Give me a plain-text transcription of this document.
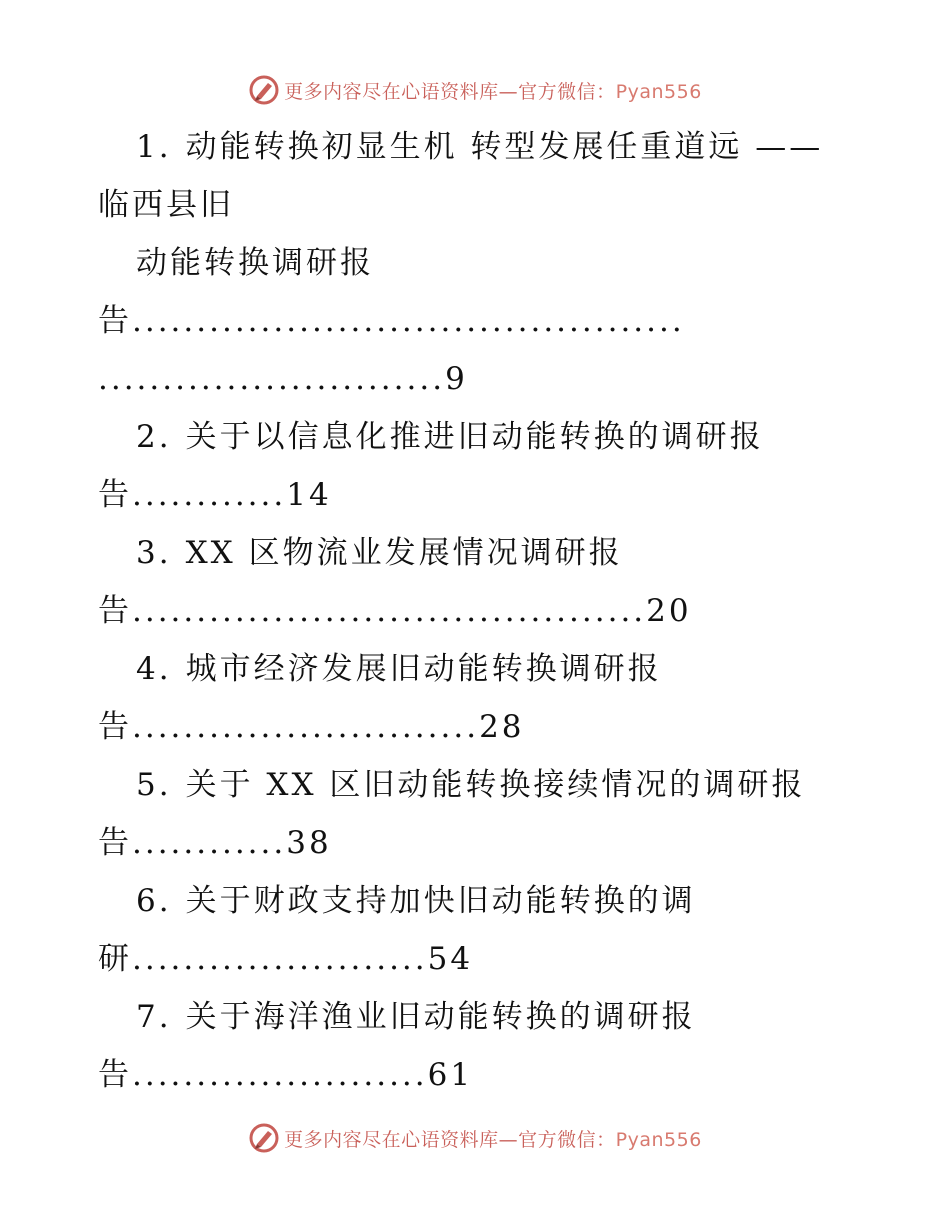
更多内容尽在心语资料库—官方微信：Pyan556
1. 动能转换初显生机 转型发展任重道远 ——
临西县旧
动能转换调研报
告...........................................
...........................9
2. 关于以信息化推进旧动能转换的调研报
告............14
3. XX 区物流业发展情况调研报
告........................................20
4. 城市经济发展旧动能转换调研报
告...........................28
5. 关于 XX 区旧动能转换接续情况的调研报
告............38
6. 关于财政支持加快旧动能转换的调
研.......................54
7. 关于海洋渔业旧动能转换的调研报
告.......................61
更多内容尽在心语资料库—官方微信：Pyan556
